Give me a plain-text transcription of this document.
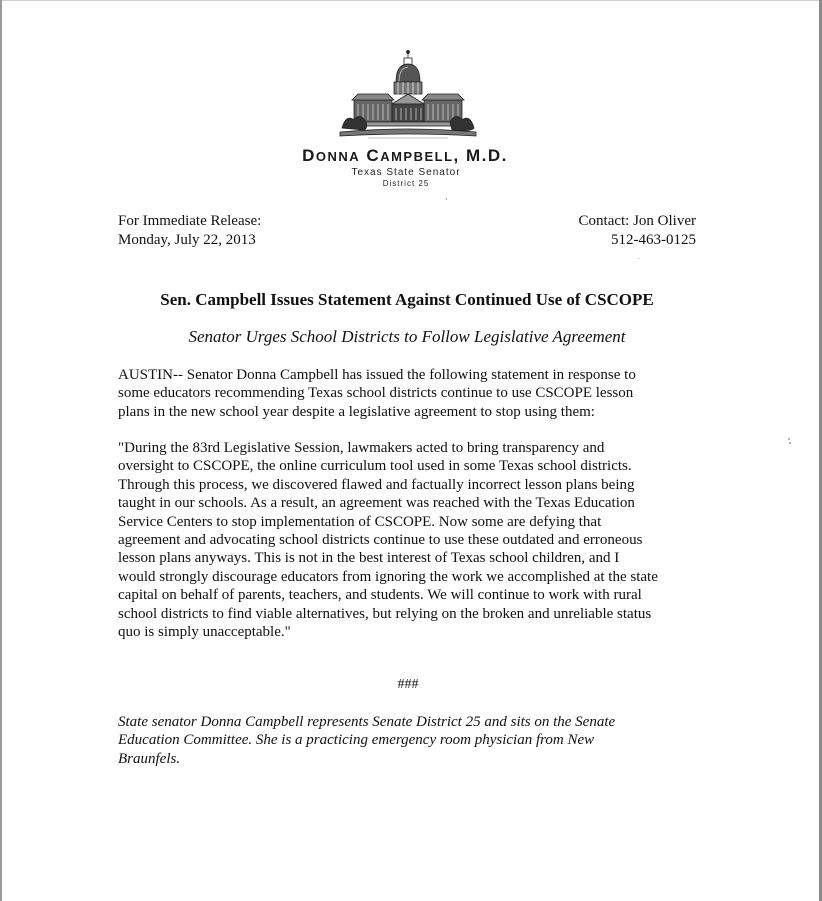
DONNA CAMPBELL, M.D.
Texas State Senator
District 25
For Immediate Release:
Monday, July 22, 2013
Contact: Jon Oliver
512-463-0125
Sen. Campbell Issues Statement Against Continued Use of CSCOPE
Senator Urges School Districts to Follow Legislative Agreement
AUSTIN-- Senator Donna Campbell has issued the following statement in response to
some educators recommending Texas school districts continue to use CSCOPE lesson
plans in the new school year despite a legislative agreement to stop using them:
"During the 83rd Legislative Session, lawmakers acted to bring transparency and
oversight to CSCOPE, the online curriculum tool used in some Texas school districts.
Through this process, we discovered flawed and factually incorrect lesson plans being
taught in our schools. As a result, an agreement was reached with the Texas Education
Service Centers to stop implementation of CSCOPE. Now some are defying that
agreement and advocating school districts continue to use these outdated and erroneous
lesson plans anyways. This is not in the best interest of Texas school children, and I
would strongly discourage educators from ignoring the work we accomplished at the state
capital on behalf of parents, teachers, and students. We will continue to work with rural
school districts to find viable alternatives, but relying on the broken and unreliable status
quo is simply unacceptable."
###
State senator Donna Campbell represents Senate District 25 and sits on the Senate
Education Committee. She is a practicing emergency room physician from New
Braunfels.
